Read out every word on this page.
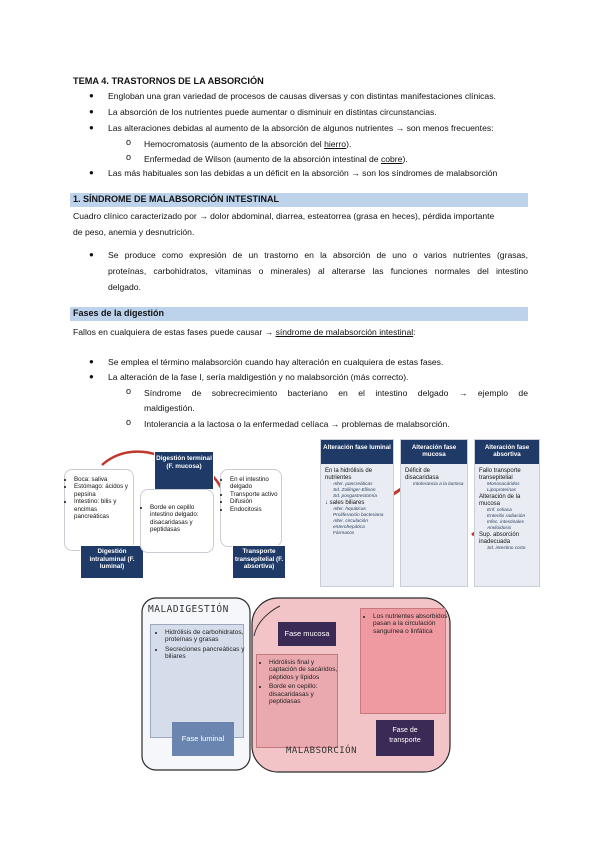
TEMA 4. TRASTORNOS DE LA ABSORCIÓN
● Engloban una gran variedad de procesos de causas diversas y con distintas manifestaciones clínicas.
● La absorción de los nutrientes puede aumentar o disminuir en distintas circunstancias.
● Las alteraciones debidas al aumento de la absorción de algunos nutrientes → son menos frecuentes:
o Hemocromatosis (aumento de la absorción del hierro).
o Enfermedad de Wilson (aumento de la absorción intestinal de cobre).
● Las más habituales son las debidas a un déficit en la absorción → son los síndromes de malabsorción
1. SÍNDROME DE MALABSORCIÓN INTESTINAL
Cuadro clínico caracterizado por → dolor abdominal, diarrea, esteatorrea (grasa en heces), pérdida importante
de peso, anemia y desnutrición.
● Se produce como expresión de un trastorno en la absorción de uno o varios nutrientes (grasas,
proteínas, carbohidratos, vitaminas o minerales) al alterarse las funciones normales del intestino
delgado.
Fases de la digestión
Fallos en cualquiera de estas fases puede causar → síndrome de malabsorción intestinal:
● Se emplea el término malabsorción cuando hay alteración en cualquiera de estas fases.
● La alteración de la fase I, sería maldigestión y no malabsorción (más correcto).
o Síndrome de sobrecrecimiento bacteriano en el intestino delgado → ejemplo de
maldigestión.
o Intolerancia a la lactosa o la enfermedad celíaca → problemas de malabsorción.
• Boca: saliva
• Estómago: ácidos y pepsina
• Intestino: bilis y encimas pancreáticas
Digestión intraluminal (F. luminal)
Digestión terminal (F. mucosa)
• Borde en cepillo intestino delgado: disacaridasas y peptidasas
• En el intestino delgado
• Transporte activo
• Difusión
• Endocitosis
Transporte transepitelial (F. absortiva)
Alteración fase luminal
En la hidrólisis de nutrientes
Alter. pancreáticas
Sd. Zollinger-Ellison
Sd. posgastrectomía
↓ sales biliares
Alter. hepáticas
Proliferación bacteriana
Alter. circulación enterohepática
Fármacos
Alteración fase mucosa
Déficit de disacaridasa
Intolerancia a la lactosa
Alteración fase absortiva
Fallo transporte transepitelial
Monosacáridos
Lipoproteínas
Alteración de la mucosa
Enf. celiaca
Enteritis radiación
Infec. intestinales
Amiloidosis
Sup. absorción inadecuada
Sd. intestino corto
MALADIGESTIÓN
• Hidrólisis de carbohidratos, proteínas y grasas
• Secreciones pancreáticas y biliares
Fase luminal
Fase mucosa
• Hidrólisis final y captación de sacáridos, péptidos y lípidos
• Borde en cepillo: disacaridasas y peptidasas
• Los nutrientes absorbidos pasan a la circulación sanguínea o linfática
Fase de transporte
MALABSORCIÓN
